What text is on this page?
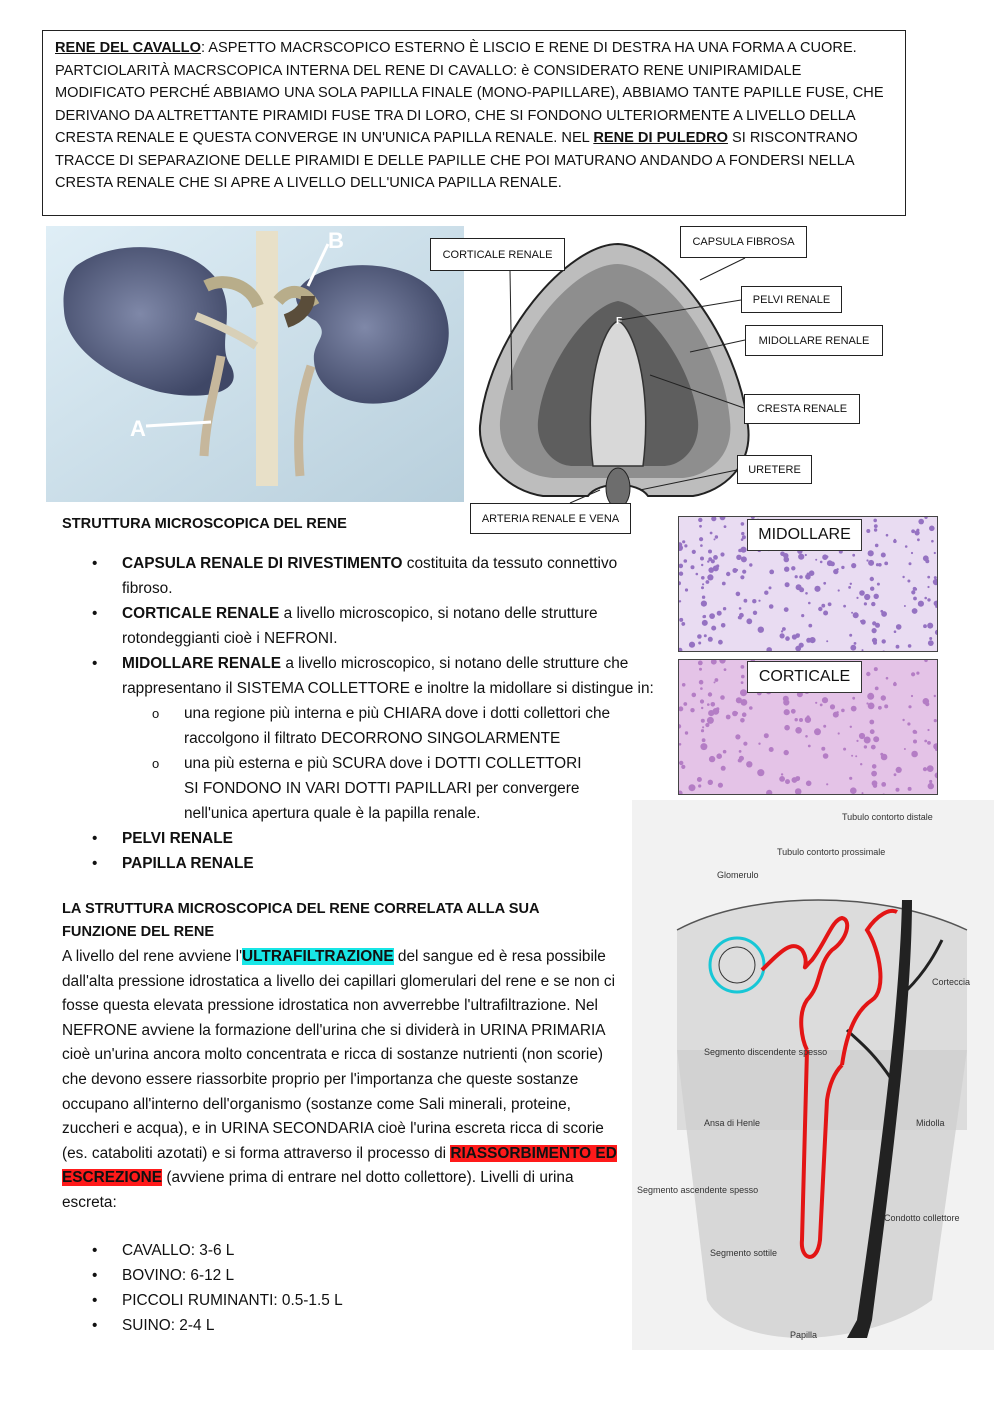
RENE DEL CAVALLO: ASPETTO MACRSCOPICO ESTERNO È LISCIO E RENE DI DESTRA HA UNA FORMA A CUORE. PARTCIOLARITÀ MACRSCOPICA INTERNA DEL RENE DI CAVALLO: è CONSIDERATO RENE UNIPIRAMIDALE MODIFICATO PERCHÉ ABBIAMO UNA SOLA PAPILLA FINALE (MONO-PAPILLARE), ABBIAMO TANTE PAPILLE FUSE, CHE DERIVANO DA ALTRETTANTE PIRAMIDI FUSE TRA DI LORO, CHE SI FONDONO ULTERIORMENTE A LIVELLO DELLA CRESTA RENALE E QUESTA CONVERGE IN UN'UNICA PAPILLA RENALE. NEL RENE DI PULEDRO SI RISCONTRANO TRACCE DI SEPARAZIONE DELLE PIRAMIDI E DELLE PAPILLE CHE POI MATURANO ANDANDO A FONDERSI NELLA CRESTA RENALE CHE SI APRE A LIVELLO DELL'UNICA PAPILLA RENALE.
A
B
F
CORTICALE RENALE
CAPSULA FIBROSA
PELVI RENALE
MIDOLLARE RENALE
CRESTA RENALE
URETERE
ARTERIA RENALE E VENA
MIDOLLARE
CORTICALE
STRUTTURA MICROSCOPICA DEL RENE
• CAPSULA RENALE DI RIVESTIMENTO costituita da tessuto connettivo fibroso.
• CORTICALE RENALE a livello microscopico, si notano delle strutture rotondeggianti cioè i NEFRONI.
• MIDOLLARE RENALE a livello microscopico, si notano delle strutture che rappresentano il SISTEMA COLLETTORE e inoltre la midollare si distingue in:
o una regione più interna e più CHIARA dove i dotti collettori che raccolgono il filtrato DECORRONO SINGOLARMENTE
o una più esterna e più SCURA dove i DOTTI COLLETTORI SI FONDONO IN VARI DOTTI PAPILLARI per convergere nell'unica apertura quale è la papilla renale.
• PELVI RENALE
• PAPILLA RENALE
LA STRUTTURA MICROSCOPICA DEL RENE CORRELATA ALLA SUA FUNZIONE DEL RENE
A livello del rene avviene l'ULTRAFILTRAZIONE del sangue ed è resa possibile dall'alta pressione idrostatica a livello dei capillari glomerulari del rene e se non ci fosse questa elevata pressione idrostatica non avverrebbe l'ultrafiltrazione. Nel NEFRONE avviene la formazione dell'urina che si dividerà in URINA PRIMARIA cioè un'urina ancora molto concentrata e ricca di sostanze nutrienti (non scorie) che devono essere riassorbite proprio per l'importanza che queste sostanze occupano all'interno dell'organismo (sostanze come Sali minerali, proteine, zuccheri e acqua), e in URINA SECONDARIA cioè l'urina escreta ricca di scorie (es. cataboliti azotati) e si forma attraverso il processo di RIASSORBIMENTO ED ESCREZIONE (avviene prima di entrare nel dotto collettore). Livelli di urina escreta:
• CAVALLO: 3-6 L
• BOVINO: 6-12 L
• PICCOLI RUMINANTI: 0.5-1.5 L
• SUINO: 2-4 L
Tubulo contorto distale
Tubulo contorto prossimale
Glomerulo
Corteccia
Segmento discendente spesso
Ansa di Henle	Midolla
Segmento ascendente spesso
Condotto collettore
Segmento sottile
Papilla
